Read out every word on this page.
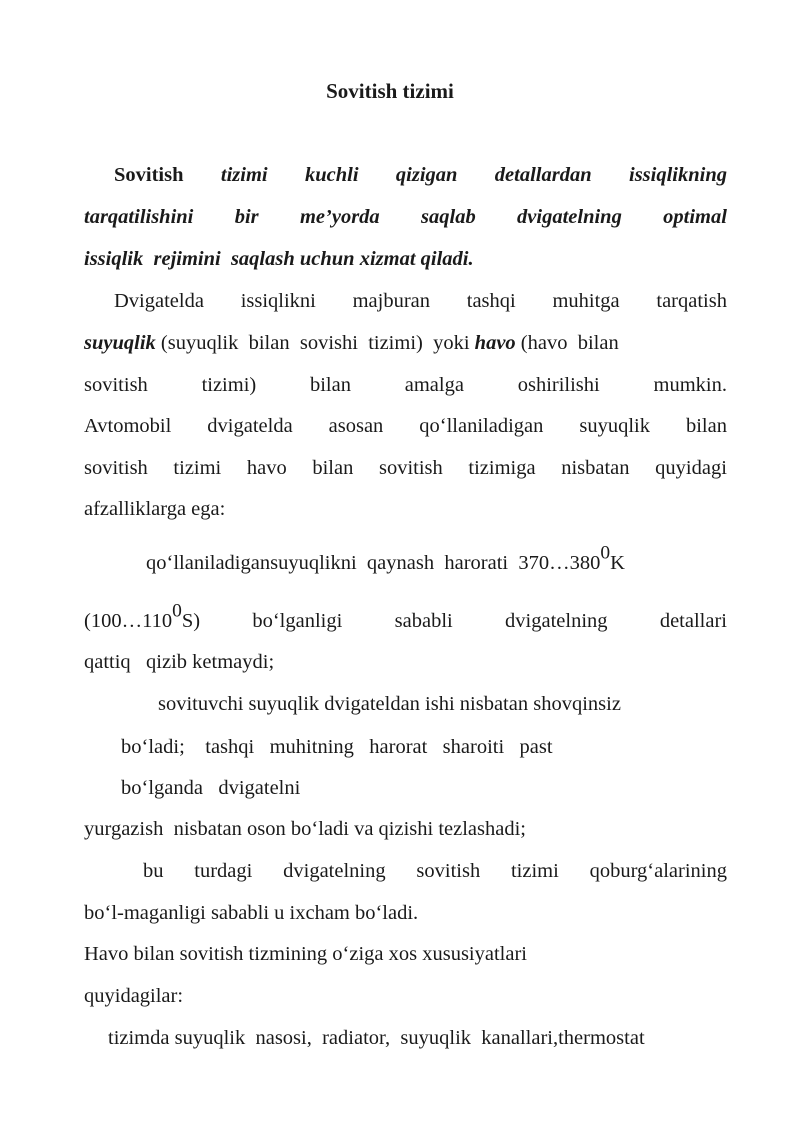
Sovitish tizimi
Sovitish tizimi kuchli qizigan detallardan issiqlikning
tarqatilishini bir me’yorda saqlab dvigatelning optimal
issiqlik  rejimini  saqlash uchun xizmat qiladi.
Dvigatelda issiqlikni majburan tashqi muhitga tarqatish
suyuqlik (suyuqlik  bilan  sovishi  tizimi)  yoki havo (havo  bilan
sovitish	tizimi)	bilan	amalga	oshirilishi	mumkin.
Avtomobil dvigatelda asosan qo‘llaniladigan suyuqlik bilan
sovitish tizimi havo bilan sovitish tizimiga nisbatan quyidagi
afzalliklarga ega:
qo‘llaniladigansuyuqlikni  qaynash  harorati  $370\dots 380^0K$
$(100\dots 110^0S)$	bo‘lganligi	sababli	dvigatelning	detallari
qattiq   qizib ketmaydi;
sovituvchi suyuqlik dvigateldan ishi nisbatan shovqinsiz
bo‘ladi;    tashqi   muhitning   harorat   sharoiti   past
bo‘lganda   dvigatelni
yurgazish  nisbatan oson bo‘ladi va qizishi tezlashadi;
bu turdagi dvigatelning sovitish tizimi qoburg‘alarining
bo‘l-maganligi sababli u ixcham bo‘ladi.
Havo bilan sovitish tizmining o‘ziga xos xususiyatlari
quyidagilar:
tizimda suyuqlik  nasosi,  radiator,  suyuqlik  kanallari,thermostat
